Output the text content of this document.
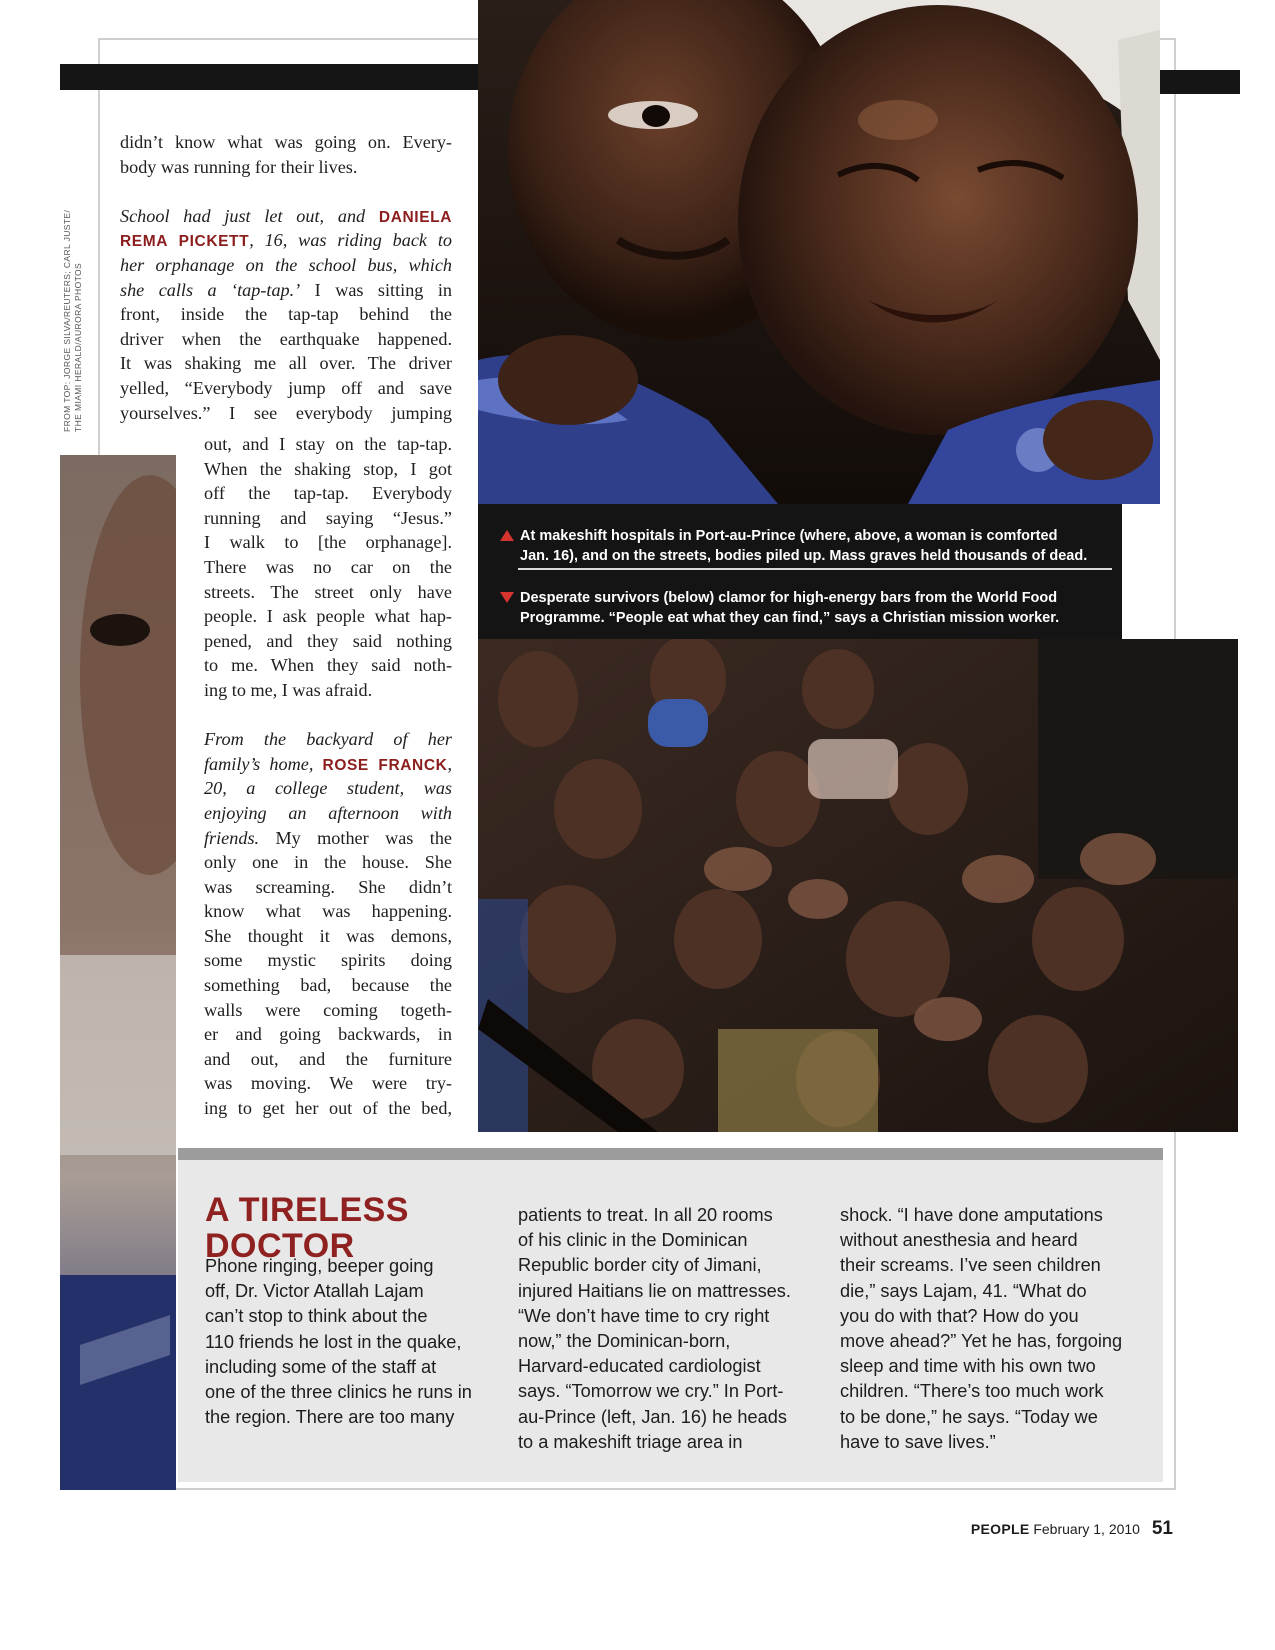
At makeshift hospitals in Port-au-Prince (where, above, a woman is comforted
Jan. 16), and on the streets, bodies piled up. Mass graves held thousands of dead.
Desperate survivors (below) clamor for high-energy bars from the World Food
Programme. “People eat what they can find,” says a Christian mission worker.
FROM TOP: JORGE SILVA/REUTERS; CARL JUSTE/ THE MIAMI HERALD/AURORA PHOTOS
didn’t know what was going on. Every-
body was running for their lives.
School had just let out, and DANIELA
REMA PICKETT, 16, was riding back to
her orphanage on the school bus, which
she calls a ‘tap-tap.’ I was sitting in
front, inside the tap-tap behind the
driver when the earthquake happened.
It was shaking me all over. The driver
yelled, “Everybody jump off and save
yourselves.” I see everybody jumping
out, and I stay on the tap-tap.
When the shaking stop, I got
off the tap-tap. Everybody
running and saying “Jesus.”
I walk to [the orphanage].
There was no car on the
streets. The street only have
people. I ask people what hap-
pened, and they said nothing
to me. When they said noth-
ing to me, I was afraid.
From the backyard of her
family’s home, ROSE FRANCK,
20, a college student, was
enjoying an afternoon with
friends. My mother was the
only one in the house. She
was screaming. She didn’t
know what was happening.
She thought it was demons,
some mystic spirits doing
something bad, because the
walls were coming togeth-
er and going backwards, in
and out, and the furniture
was moving. We were try-
ing to get her out of the bed,
A TIRELESS
DOCTOR
Phone ringing, beeper going
off, Dr. Victor Atallah Lajam
can’t stop to think about the
110 friends he lost in the quake,
including some of the staff at
one of the three clinics he runs in
the region. There are too many
patients to treat. In all 20 rooms
of his clinic in the Dominican
Republic border city of Jimani,
injured Haitians lie on mattresses.
“We don’t have time to cry right
now,” the Dominican-born,
Harvard-educated cardiologist
says. “Tomorrow we cry.” In Port-
au-Prince (left, Jan. 16) he heads
to a makeshift triage area in
shock. “I have done amputations
without anesthesia and heard
their screams. I’ve seen children
die,” says Lajam, 41. “What do
you do with that? How do you
move ahead?” Yet he has, forgoing
sleep and time with his own two
children. “There’s too much work
to be done,” he says. “Today we
have to save lives.”
PEOPLE February 1, 2010 51
